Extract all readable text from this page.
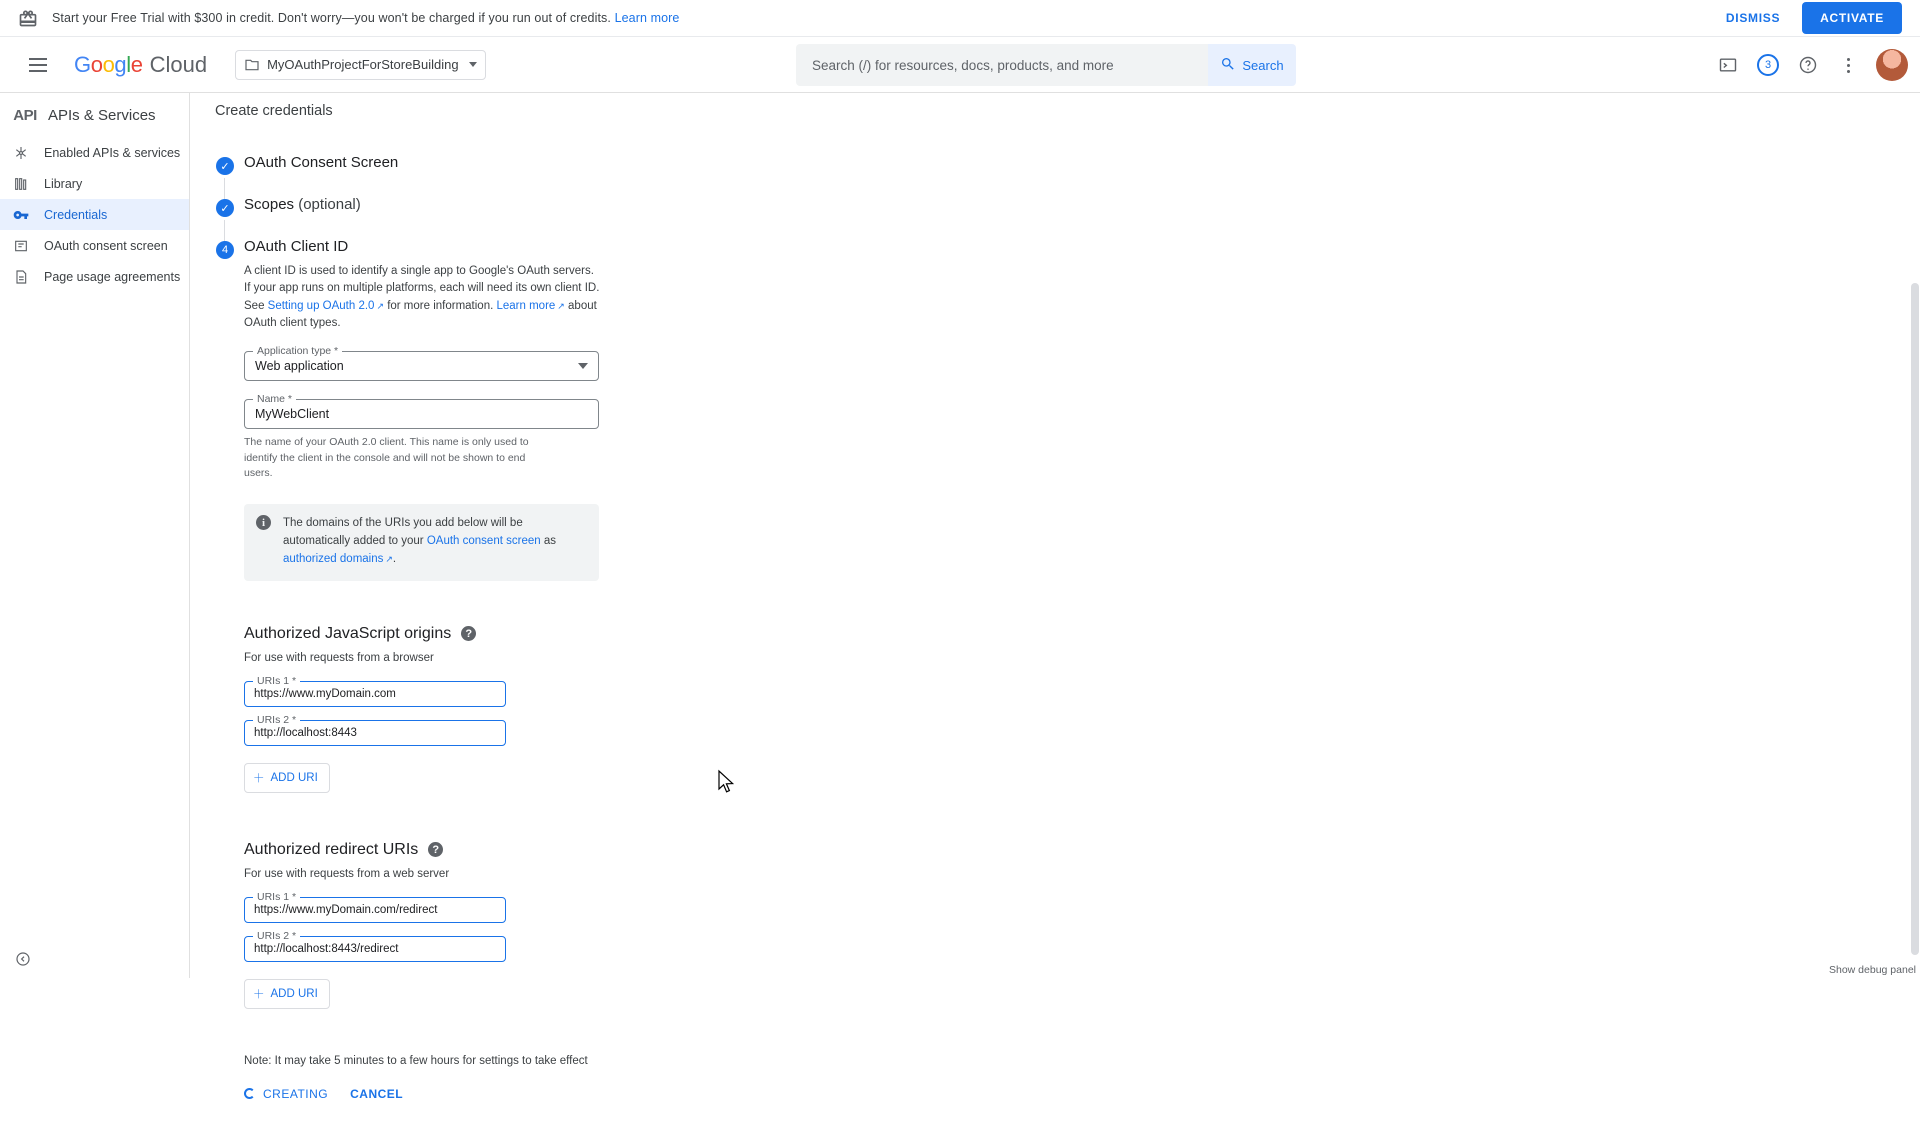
Start your Free Trial with $300 in credit. Don't worry—you won't be charged if you run out of credits. Learn more	DISMISS	ACTIVATE
Google Cloud	MyOAuthProjectForStoreBuilding
Search (/) for resources, docs, products, and more	Search	3
API APIs & Services
Enabled APIs & services
Library
Credentials
OAuth consent screen
Page usage agreements
Create credentials
✓ OAuth Consent Screen
✓ Scopes (optional)
4	OAuth Client ID

A client ID is used to identify a single app to Google's OAuth servers. If your app runs on multiple platforms, each will need its own client ID. See Setting up OAuth 2.0 ↗ for more information. Learn more ↗ about OAuth client types.

Application type *
Web application
Name *
MyWebClient
The name of your OAuth 2.0 client. This name is only used to identify the client in the console and will not be shown to end users.
i	The domains of the URIs you add below will be automatically added to your OAuth consent screen as authorized domains ↗ .
Authorized JavaScript origins	?
For use with requests from a browser
URIs 1 *
https://www.myDomain.com
URIs 2 *
http://localhost:8443
＋ ADD URI
Authorized redirect URIs	?
For use with requests from a web server
URIs 1 *
https://www.myDomain.com/redirect
URIs 2 *
http://localhost:8443/redirect
＋ ADD URI
Note: It may take 5 minutes to a few hours for settings to take effect
CREATING CANCEL
Show debug panel
